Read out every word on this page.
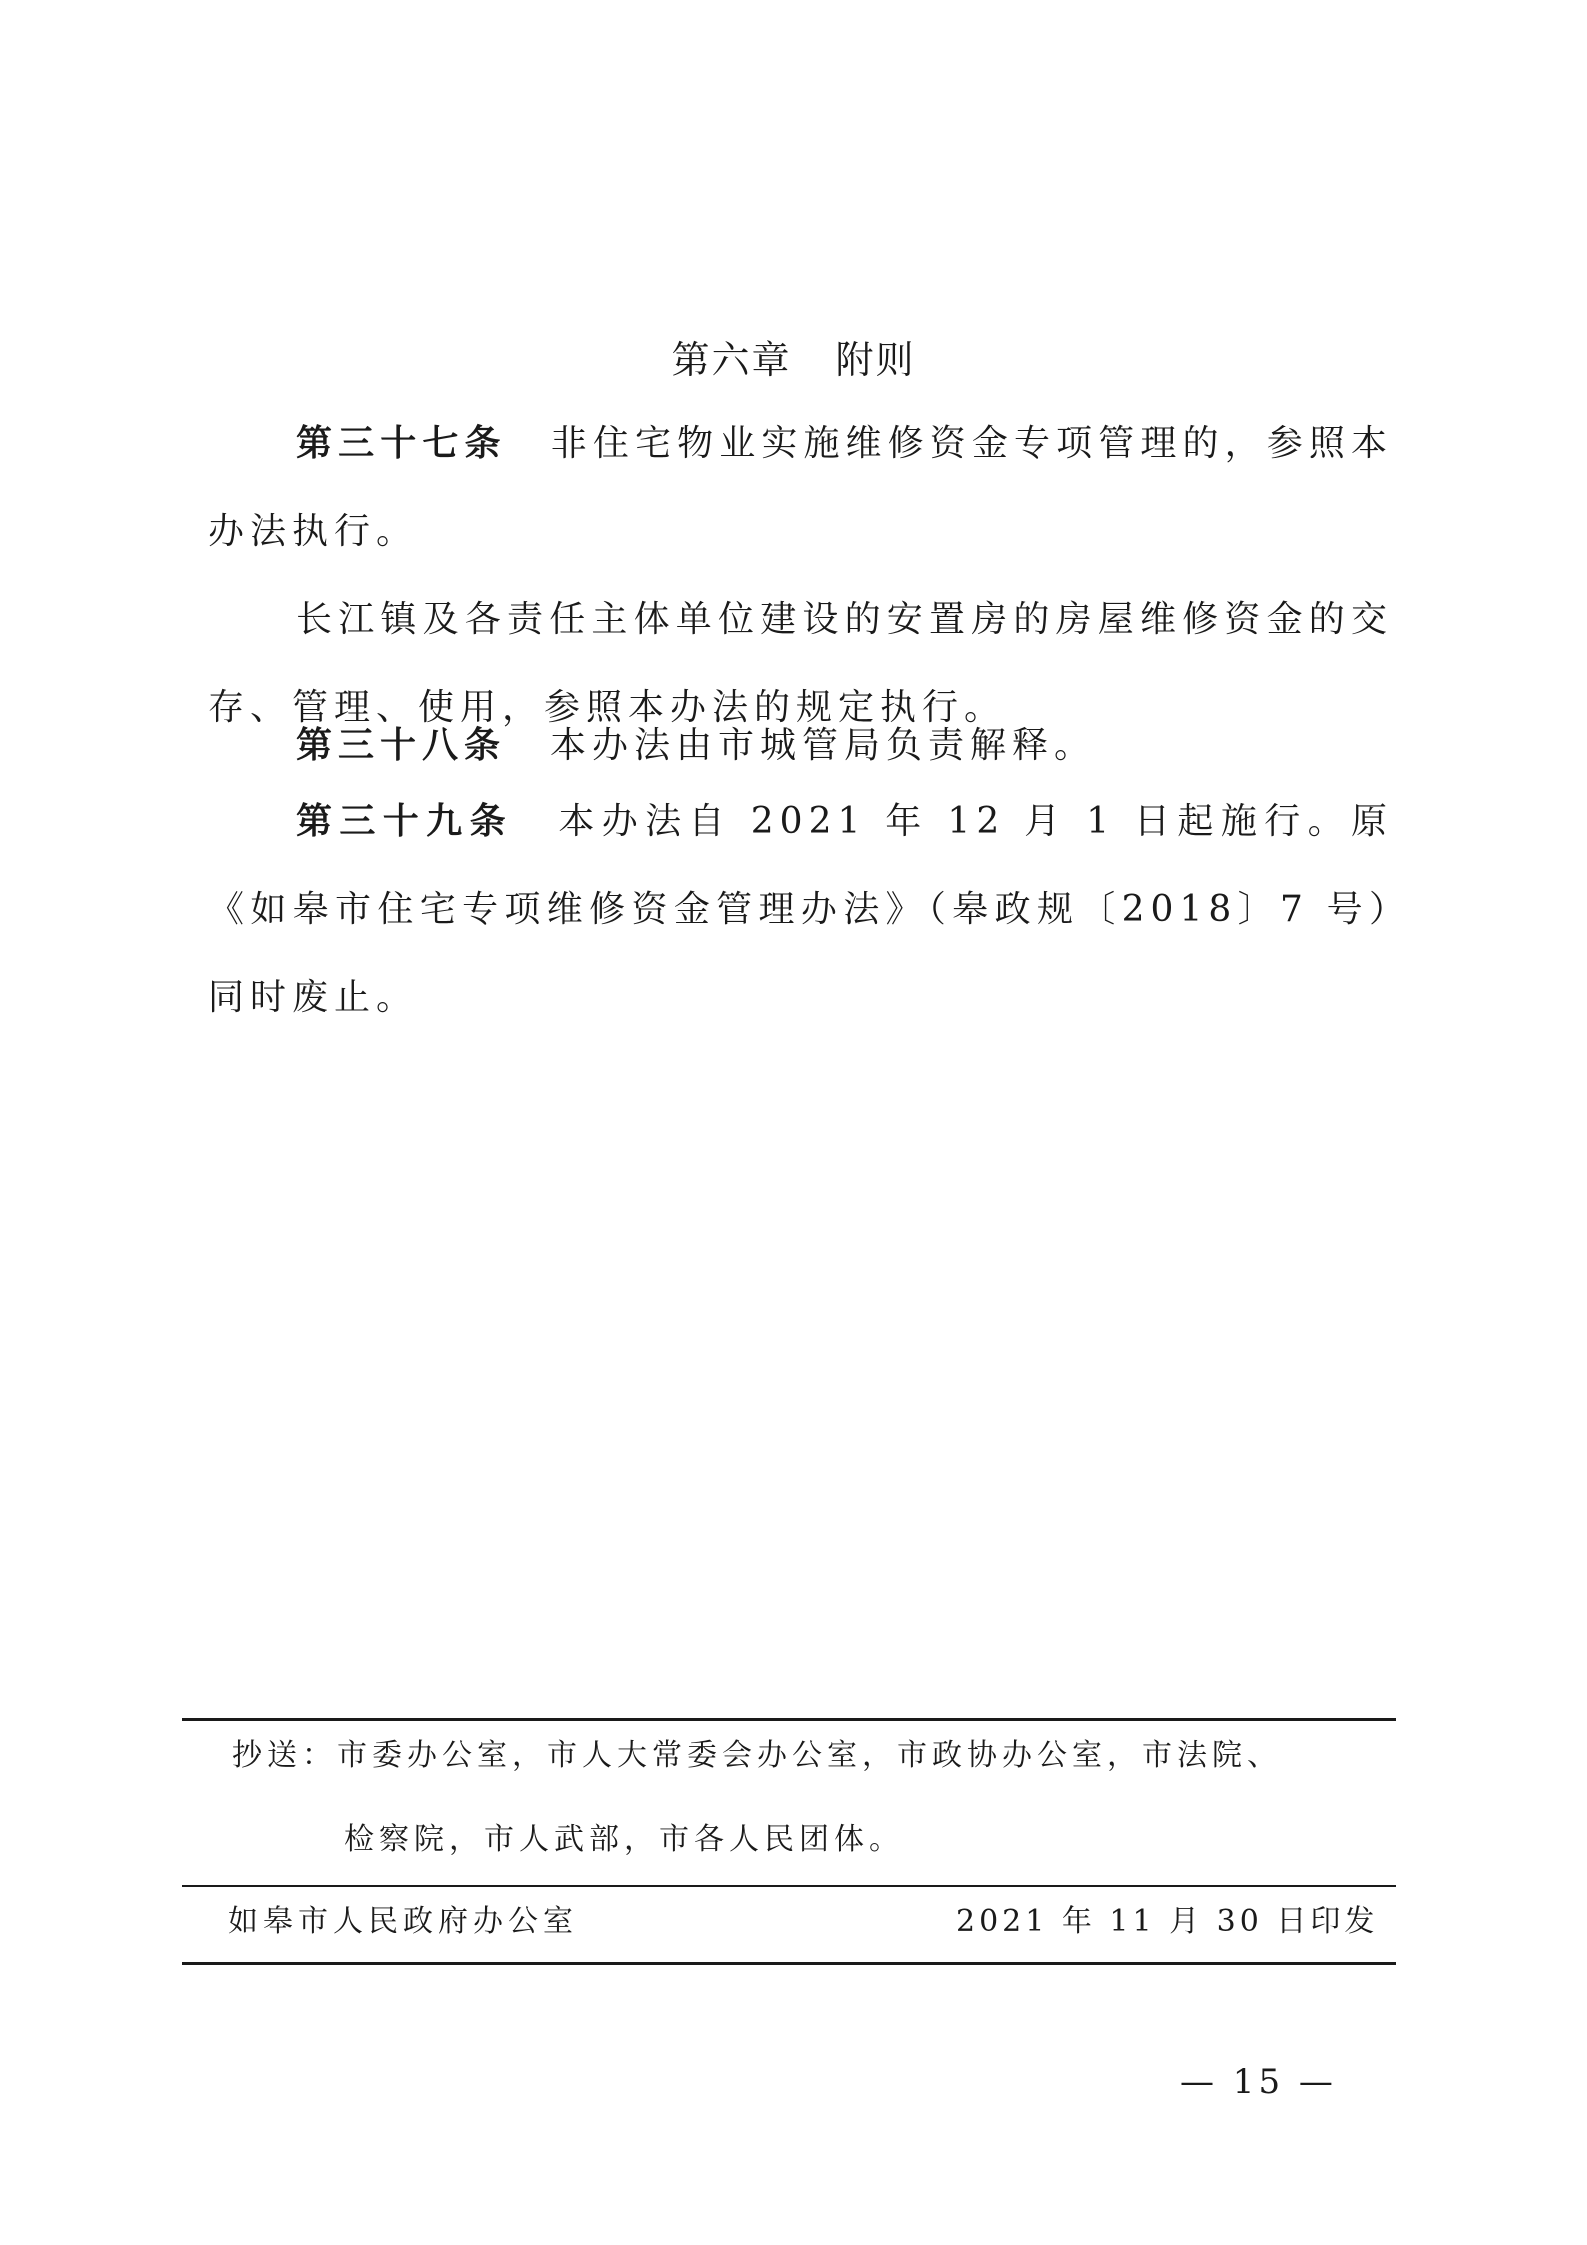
第六章 附则

第三十七条 非住宅物业实施维修资金专项管理的，参照本办法执行。

长江镇及各责任主体单位建设的安置房的房屋维修资金的交存、管理、使用，参照本办法的规定执行。

第三十八条 本办法由市城管局负责解释。

第三十九条 本办法自 2021 年 12 月 1 日起施行。原《如皋市住宅专项维修资金管理办法》（皋政规〔2018〕7 号）同时废止。

抄送：市委办公室，市人大常委会办公室，市政协办公室，市法院、
检察院，市人武部，市各人民团体。
如皋市人民政府办公室	2021 年 11 月 30 日印发
— 15 —
